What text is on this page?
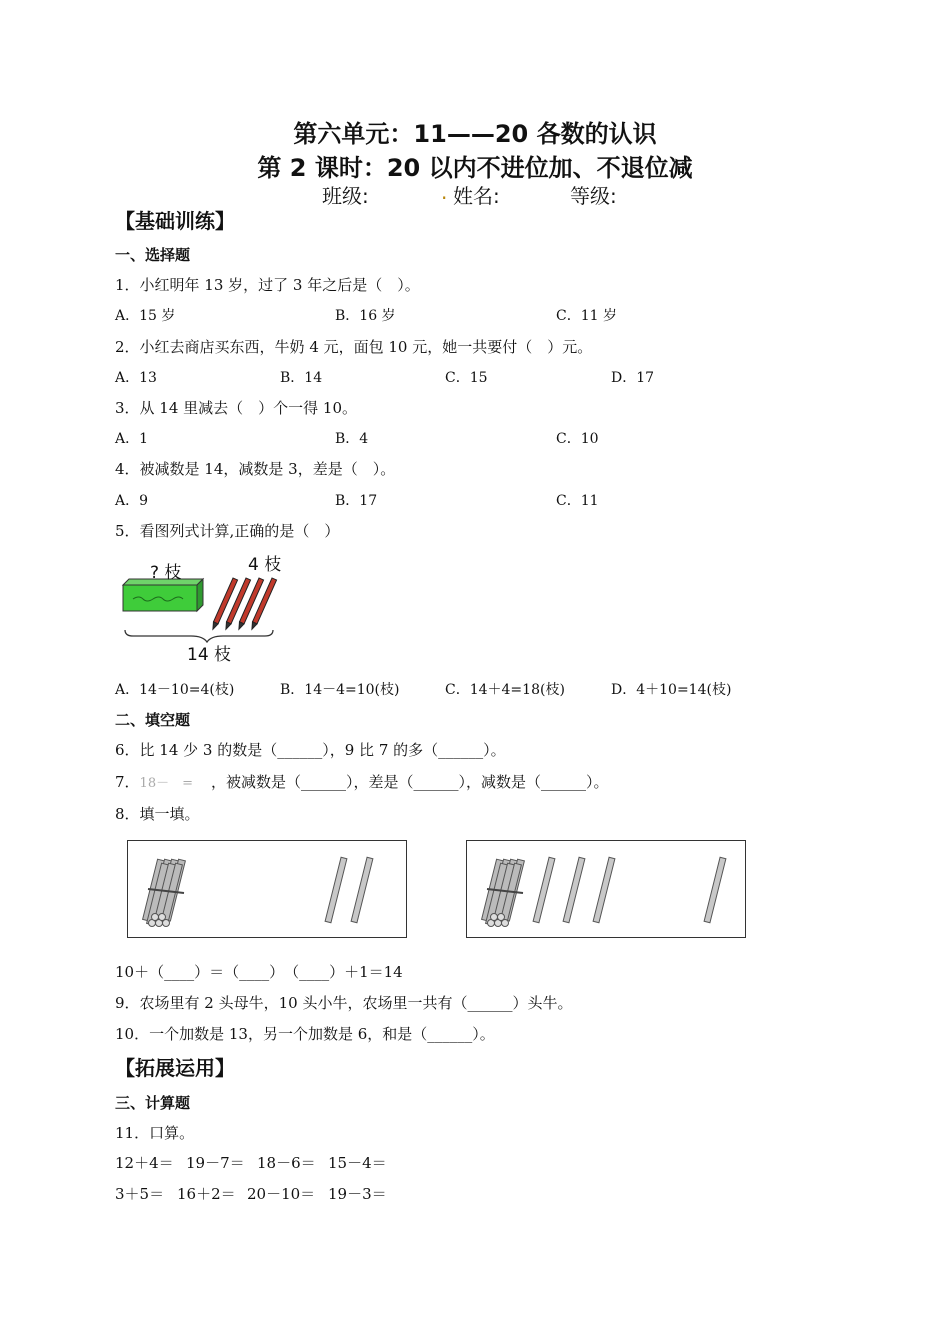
第六单元：11——20 各数的认识
第 2 课时：20 以内不进位加、不退位减
班级:	. 姓名:	等级:
【基础训练】
一、选择题
1．小红明年 13 岁，过了 3 年之后是（　）。
A．15 岁	B．16 岁	C．11 岁
2．小红去商店买东西，牛奶 4 元，面包 10 元，她一共要付（　）元。
A．13	B．14	C．15	D．17
3．从 14 里减去（　）个一得 10。
A．1	B．4	C．10
4．被减数是 14，减数是 3，差是（　）。
A．9	B．17	C．11
5．看图列式计算,正确的是（　）
? 枝	4 枝
14 枝
A．14－10=4(枝)	B．14－4=10(枝)	C．14＋4=18(枝)	D．4＋10=14(枝)
二、填空题
6．比 14 少 3 的数是（______），9 比 7 的多（______）。
7．18－　= ，被减数是（______），差是（______），减数是（______）。
8．填一填。
10＋（____）＝（____）　（____）＋1＝14
9．农场里有 2 头母牛，10 头小牛，农场里一共有（______）头牛。
10．一个加数是 13，另一个加数是 6，和是（______）。
【拓展运用】
三、计算题
11．口算。
12＋4＝ 19－7＝ 18－6＝ 15－4＝
3＋5＝ 16＋2＝ 20－10＝ 19－3＝
